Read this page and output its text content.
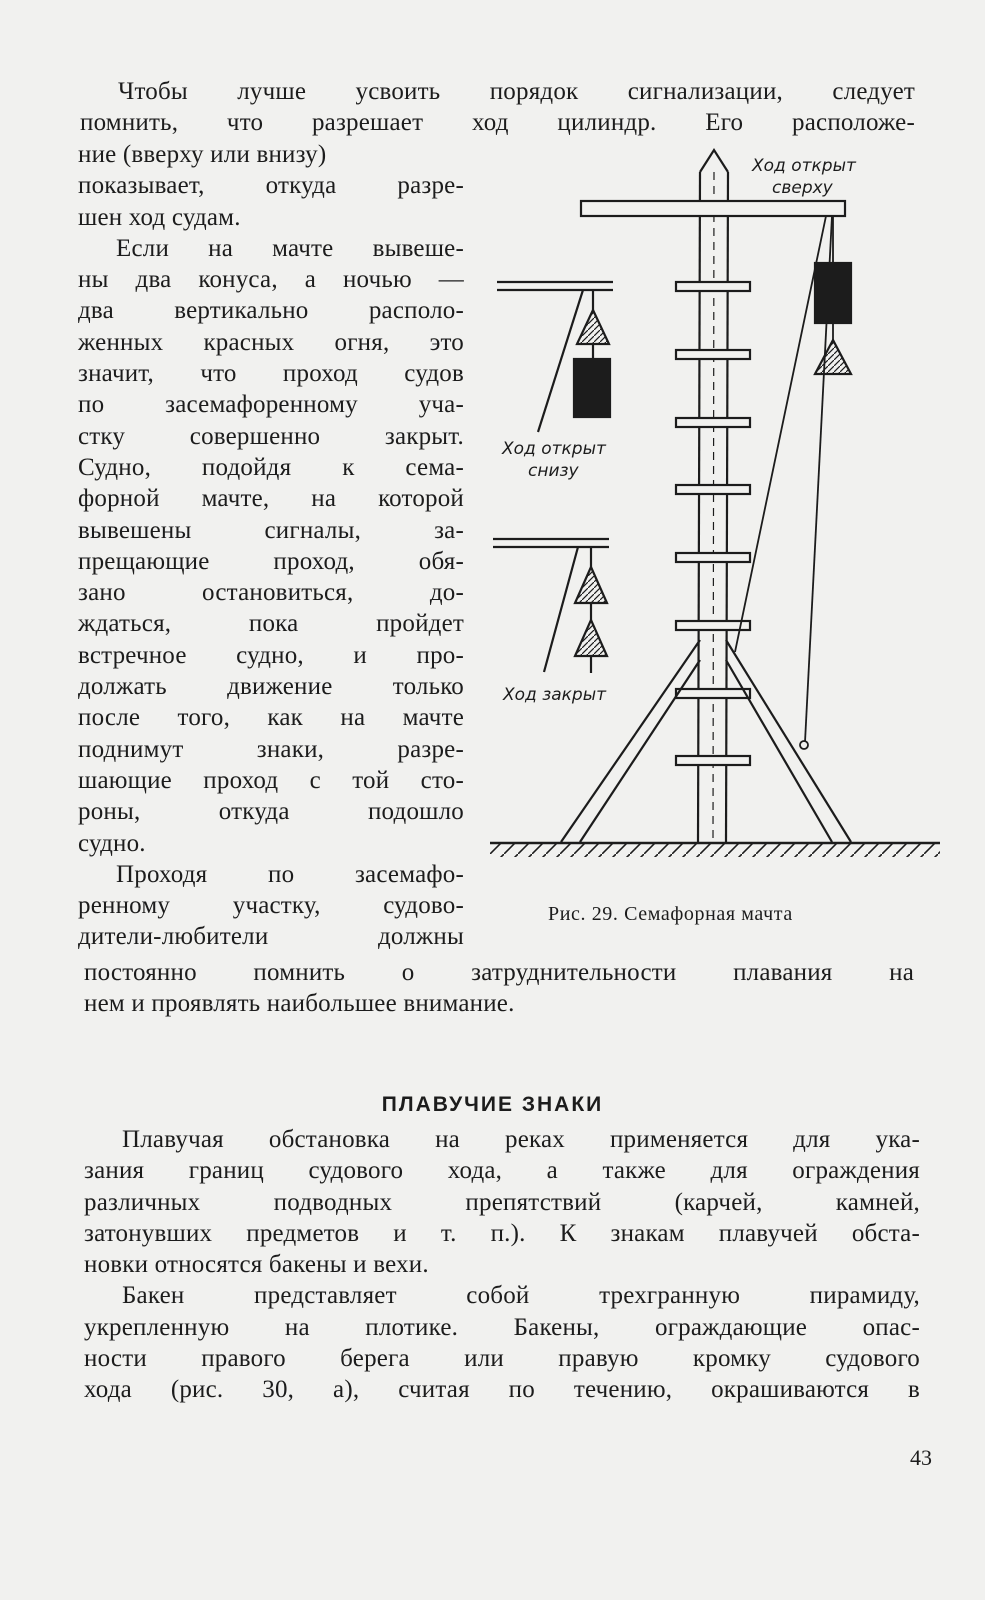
Чтобы лучше усвоить порядок сигнализации, следует
помнить, что разрешает ход цилиндр. Его расположе-
ние (вверху или внизу)
показывает, откуда разре-
шен ход судам.
Если на мачте вывеше-
ны два конуса, а ночью —
два вертикально располо-
женных красных огня, это
значит, что проход судов
по засемафоренному уча-
стку совершенно закрыт.
Судно, подойдя к сема-
форной мачте, на которой
вывешены сигналы, за-
прещающие проход, обя-
зано остановиться, до-
ждаться, пока пройдет
встречное судно, и про-
должать движение только
после того, как на мачте
поднимут знаки, разре-
шающие проход с той сто-
роны, откуда подошло
судно.
Проходя по засемафо-
ренному участку, судово-
дители-любители должны
постоянно помнить о затруднительности плавания на
нем и проявлять наибольшее внимание.
Ход открыт
сверху
Ход открыт
снизу
Ход закрыт
Рис. 29. Семафорная мачта
ПЛАВУЧИЕ ЗНАКИ
Плавучая обстановка на реках применяется для ука-
зания границ судового хода, а также для ограждения
различных подводных препятствий (карчей, камней,
затонувших предметов и т. п.). К знакам плавучей обста-
новки относятся бакены и вехи.
Бакен представляет собой трехгранную пирамиду,
укрепленную на плотике. Бакены, ограждающие опас-
ности правого берега или правую кромку судового
хода (рис. 30, а), считая по течению, окрашиваются в
43
